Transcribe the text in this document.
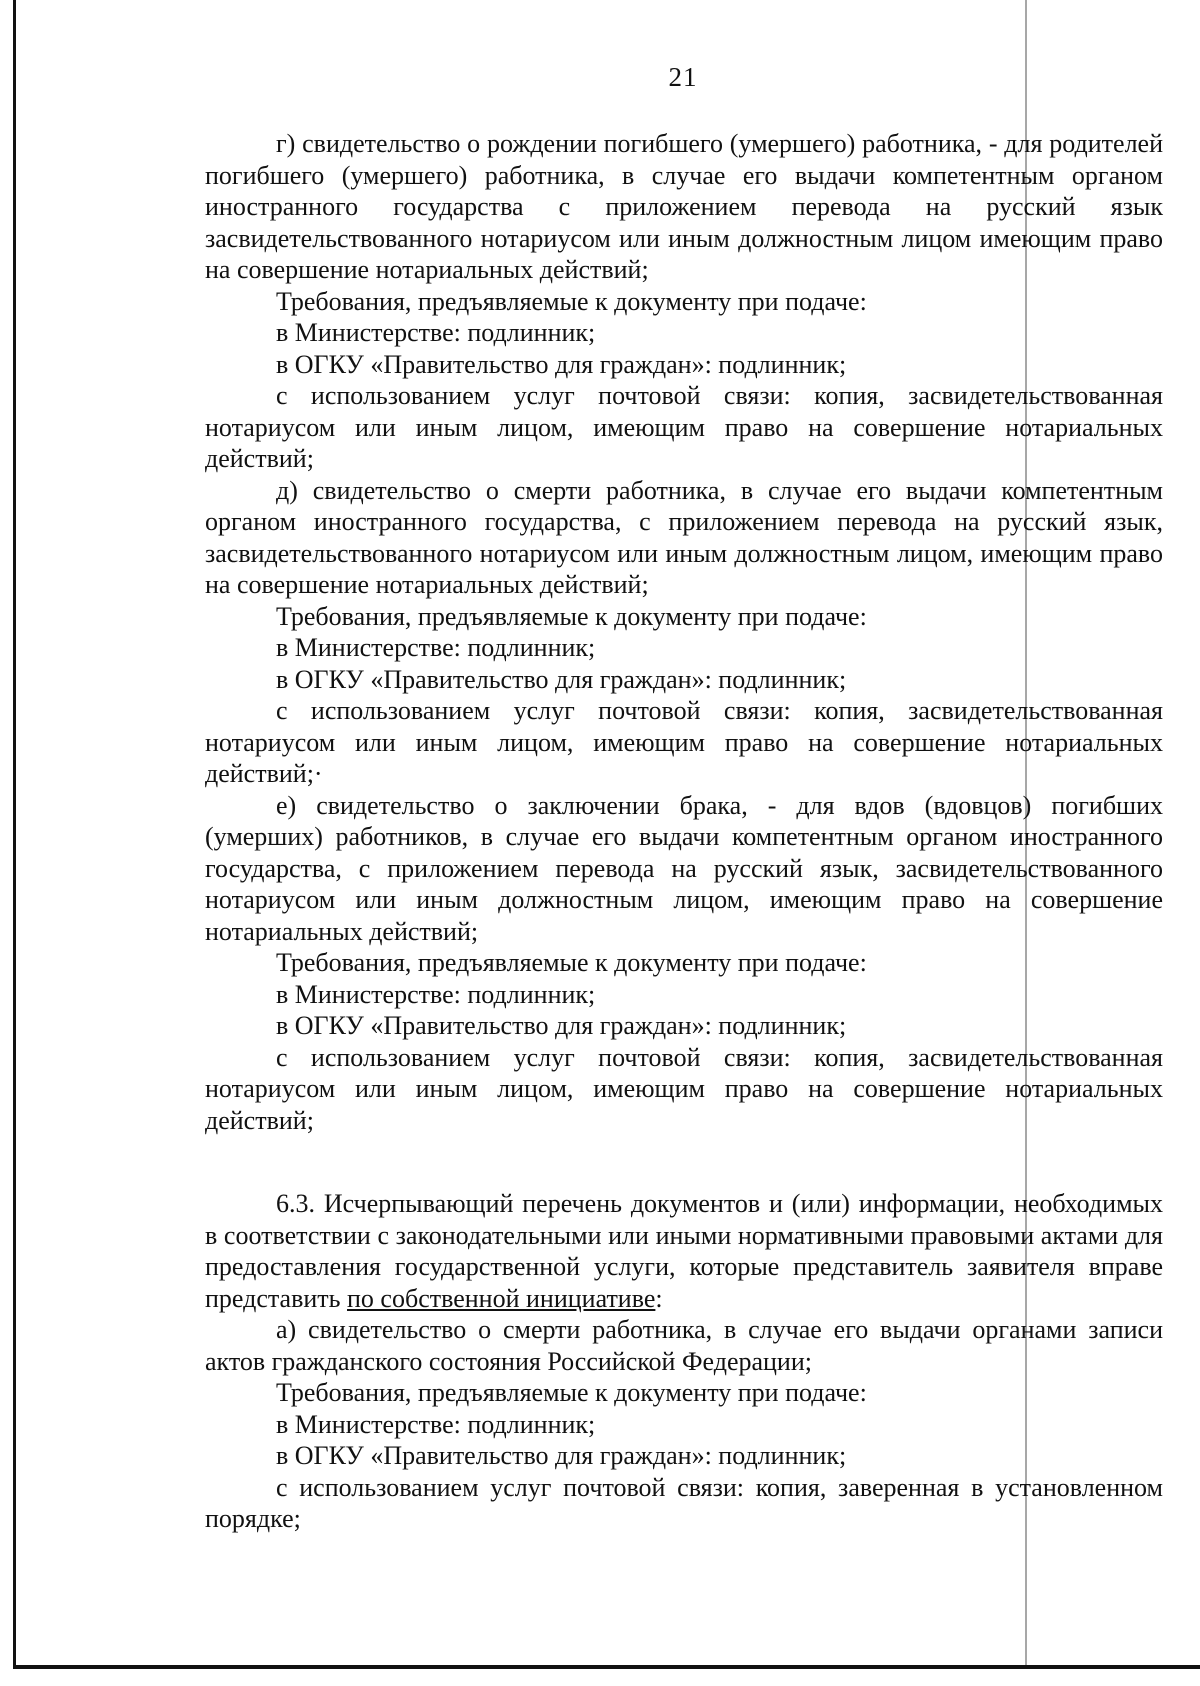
21

г) свидетельство о рождении погибшего (умершего) работника, - для родителей погибшего (умершего) работника, в случае его выдачи компетентным органом иностранного государства с приложением перевода на русский язык засвидетельствованного нотариусом или иным должностным лицом имеющим право на совершение нотариальных действий;

Требования, предъявляемые к документу при подаче:

в Министерстве: подлинник;

в ОГКУ «Правительство для граждан»: подлинник;

с использованием услуг почтовой связи: копия, засвидетельствованная нотариусом или иным лицом, имеющим право на совершение нотариальных действий;

д) свидетельство о смерти работника, в случае его выдачи компетентным органом иностранного государства, с приложением перевода на русский язык, засвидетельствованного нотариусом или иным должностным лицом, имеющим право на совершение нотариальных действий;

Требования, предъявляемые к документу при подаче:

в Министерстве: подлинник;

в ОГКУ «Правительство для граждан»: подлинник;

с использованием услуг почтовой связи: копия, засвидетельствованная нотариусом или иным лицом, имеющим право на совершение нотариальных действий;·

е) свидетельство о заключении брака, - для вдов (вдовцов) погибших (умерших) работников, в случае его выдачи компетентным органом иностранного государства, с приложением перевода на русский язык, засвидетельствованного нотариусом или иным должностным лицом, имеющим право на совершение нотариальных действий;

Требования, предъявляемые к документу при подаче:

в Министерстве: подлинник;

в ОГКУ «Правительство для граждан»: подлинник;

с использованием услуг почтовой связи: копия, засвидетельствованная нотариусом или иным лицом, имеющим право на совершение нотариальных действий;

6.3. Исчерпывающий перечень документов и (или) информации, необходимых в соответствии с законодательными или иными нормативными правовыми актами для предоставления государственной услуги, которые представитель заявителя вправе представить по собственной инициативе:

а) свидетельство о смерти работника, в случае его выдачи органами записи актов гражданского состояния Российской Федерации;

Требования, предъявляемые к документу при подаче:

в Министерстве: подлинник;

в ОГКУ «Правительство для граждан»: подлинник;

с использованием услуг почтовой связи: копия, заверенная в установленном порядке;
